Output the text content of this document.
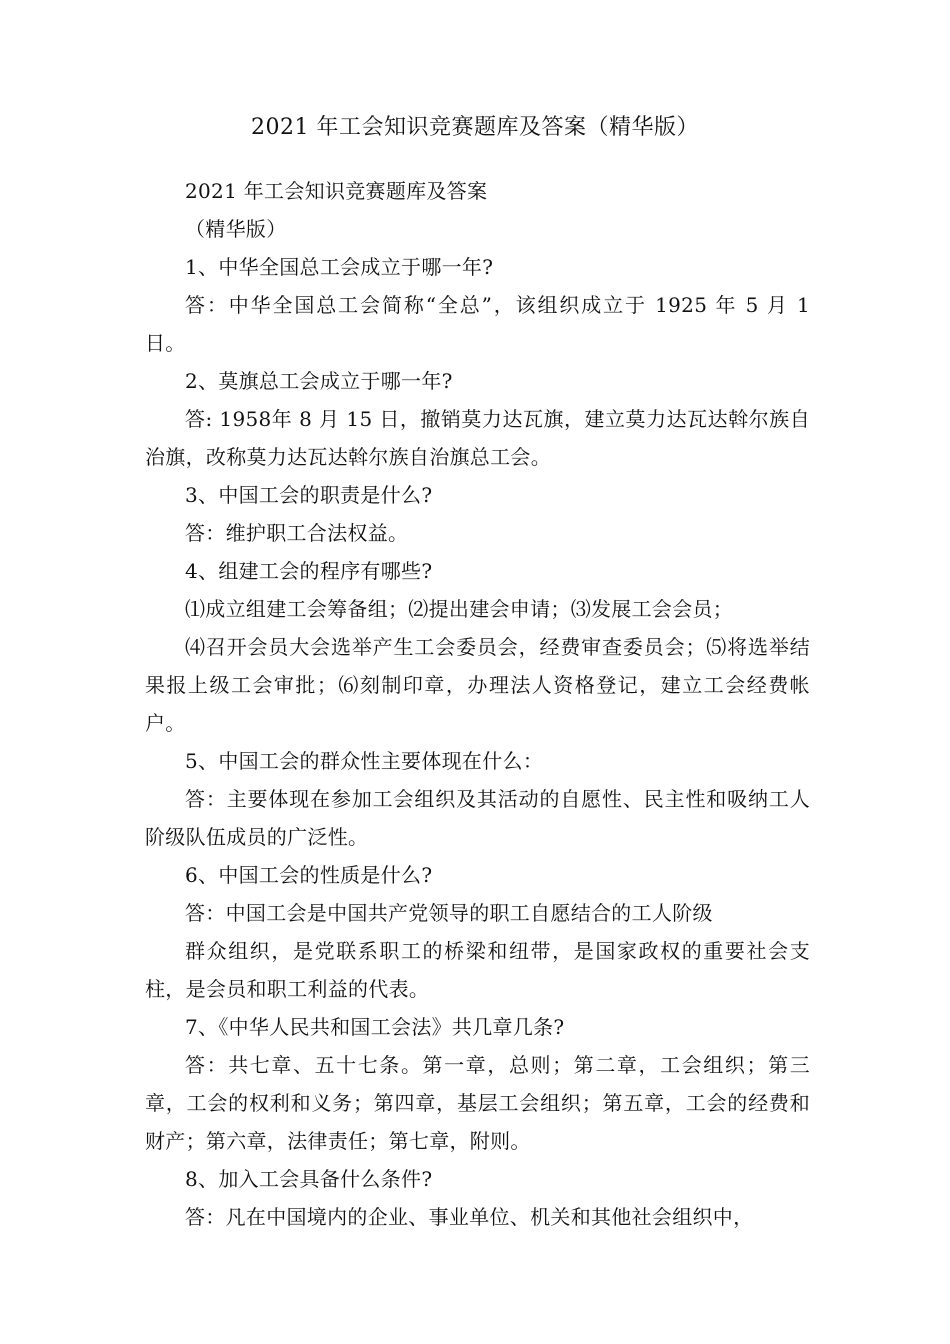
2021 年工会知识竞赛题库及答案（精华版）

2021 年工会知识竞赛题库及答案

（精华版）

1、中华全国总工会成立于哪一年?

答：中华全国总工会简称“全总”，该组织成立于 1925 年 5 月 1 日。

2、莫旗总工会成立于哪一年?

答: 1958年 8 月 15 日，撤销莫力达瓦旗，建立莫力达瓦达斡尔族自治旗，改称莫力达瓦达斡尔族自治旗总工会。

3、中国工会的职责是什么?

答：维护职工合法权益。

4、组建工会的程序有哪些?

⑴成立组建工会筹备组；⑵提出建会申请；⑶发展工会会员；

⑷召开会员大会选举产生工会委员会，经费审查委员会；⑸将选举结果报上级工会审批；⑹刻制印章，办理法人资格登记，建立工会经费帐户。

5、中国工会的群众性主要体现在什么：

答：主要体现在参加工会组织及其活动的自愿性、民主性和吸纳工人阶级队伍成员的广泛性。

6、中国工会的性质是什么?

答：中国工会是中国共产党领导的职工自愿结合的工人阶级

群众组织，是党联系职工的桥梁和纽带，是国家政权的重要社会支柱，是会员和职工利益的代表。

7、《中华人民共和国工会法》共几章几条?

答：共七章、五十七条。第一章，总则；第二章，工会组织；第三章，工会的权利和义务；第四章，基层工会组织；第五章，工会的经费和财产；第六章，法律责任；第七章，附则。

8、加入工会具备什么条件?

答：凡在中国境内的企业、事业单位、机关和其他社会组织中，
